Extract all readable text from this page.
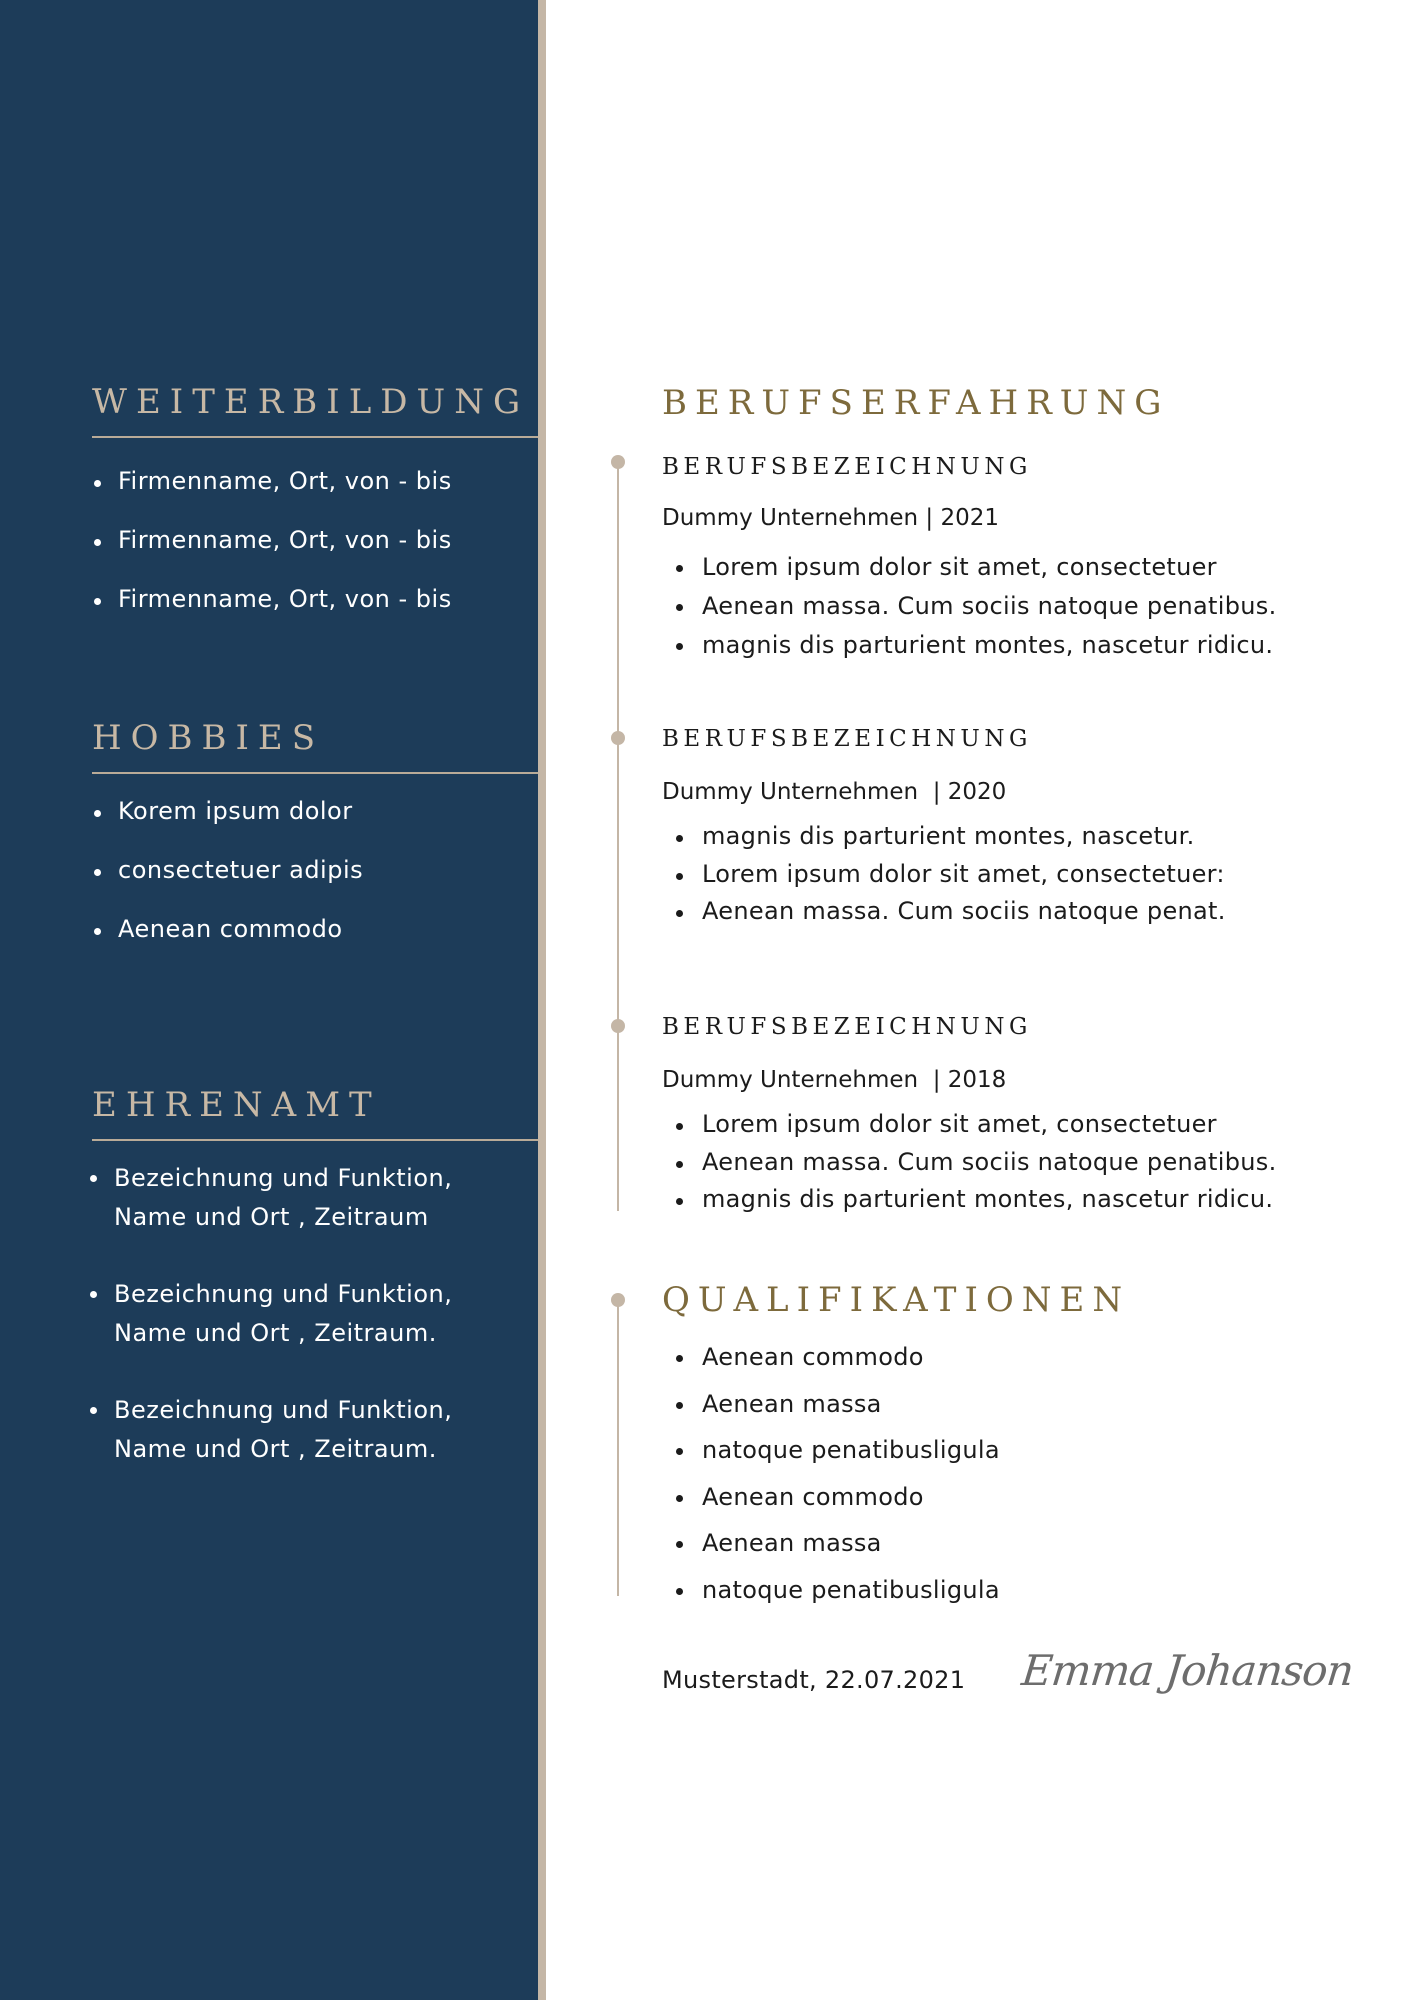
WEITERBILDUNG
Firmenname, Ort, von - bis
Firmenname, Ort, von - bis
Firmenname, Ort, von - bis
HOBBIES
Korem ipsum dolor
consectetuer adipis
Aenean commodo
EHRENAMT
Bezeichnung und Funktion,
Name und Ort , Zeitraum
Bezeichnung und Funktion,
Name und Ort , Zeitraum.
Bezeichnung und Funktion,
Name und Ort , Zeitraum.
BERUFSERFAHRUNG
BERUFSBEZEICHNUNG

Dummy Unternehmen | 2021

Lorem ipsum dolor sit amet, consectetuer
Aenean massa. Cum sociis natoque penatibus.
magnis dis parturient montes, nascetur ridicu.
BERUFSBEZEICHNUNG

Dummy Unternehmen  | 2020

magnis dis parturient montes, nascetur.
Lorem ipsum dolor sit amet, consectetuer:
Aenean massa. Cum sociis natoque penat.
BERUFSBEZEICHNUNG

Dummy Unternehmen  | 2018

Lorem ipsum dolor sit amet, consectetuer
Aenean massa. Cum sociis natoque penatibus.
magnis dis parturient montes, nascetur ridicu.
QUALIFIKATIONEN
Aenean commodo
Aenean massa
natoque penatibusligula
Aenean commodo
Aenean massa
natoque penatibusligula
Musterstadt, 22.07.2021 Emma Johanson
